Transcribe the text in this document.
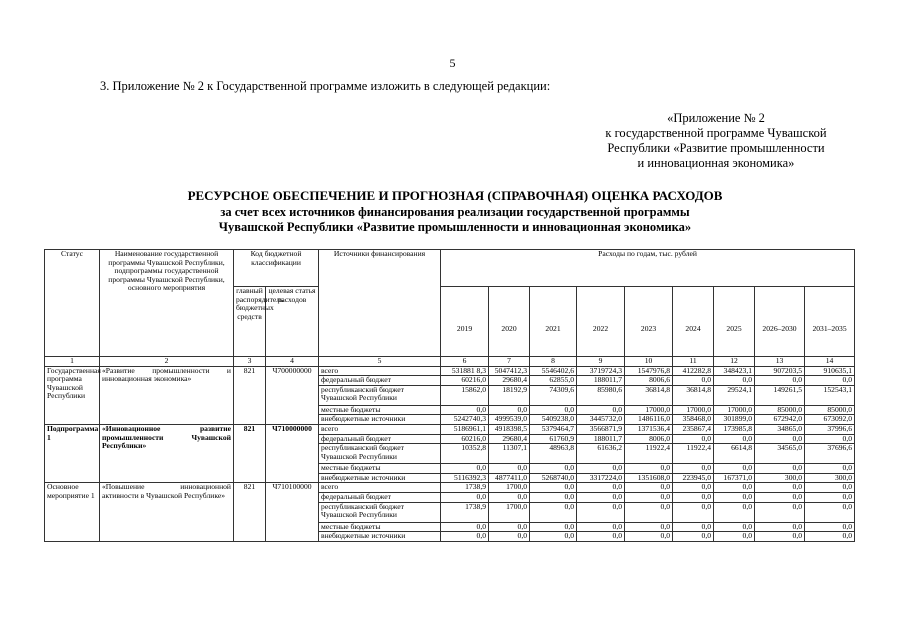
5
3. Приложение № 2 к Государственной программе изложить в следующей редакции:
«Приложение № 2
к государственной программе Чувашской
Республики «Развитие промышленности
и инновационная экономика»
РЕСУРСНОЕ ОБЕСПЕЧЕНИЕ И ПРОГНОЗНАЯ (СПРАВОЧНАЯ) ОЦЕНКА РАСХОДОВ
за счет всех источников финансирования реализации государственной программы
Чувашской Республики «Развитие промышленности и инновационная экономика»
Статус	Наименование государственной программы Чувашской Республики, подпрограммы государственной программы Чувашской Республики, основного мероприятия	Код бюджетной классификации		Источники финансирования	Расходы по годам, тыс. рублей								
		главный распорядитель бюджетных средств	целевая статья расходов		2019	2020	2021	2022	2023	2024	2025	2026–2030	2031–2035
1	2	3	4	5	6	7	8	9	10	11	12	13	14
Государственная программа Чувашской Республики	«Развитие промышленности и инновационная экономика»	821	Ч700000000	всего	531881 8,3	5047412,3	5546402,6	3719724,3	1547976,8	412282,8	348423,1	907203,5	910635,1
				федеральный бюджет	60216,0	29680,4	62855,0	188011,7	8006,6	0,0	0,0	0,0	0,0
				республиканский бюджет Чувашской Республики	15862,0	18192,9	74309,6	85980,6	36814,8	36814,8	29524,1	149261,5	152543,1
				местные бюджеты	0,0	0,0	0,0	0,0	17000,0	17000,0	17000,0	85000,0	85000,0
				внебюджетные источники	5242740,3	4999539,0	5409238,0	3445732,0	1486116,0	358468,0	301899,0	672942,0	673092,0
Подпрограмма 1	«Инновационное развитие промышленности Чувашской Республики»	821	Ч710000000	всего	5186961,1	4918398,5	5379464,7	3566871,9	1371536,4	235867,4	173985,8	34865,0	37996,6
				федеральный бюджет	60216,0	29680,4	61760,9	188011,7	8006,0	0,0	0,0	0,0	0,0
				республиканский бюджет Чувашской Республики	10352,8	11307,1	48963,8	61636,2	11922,4	11922,4	6614,8	34565,0	37696,6
				местные бюджеты	0,0	0,0	0,0	0,0	0,0	0,0	0,0	0,0	0,0
				внебюджетные источники	5116392,3	4877411,0	5268740,0	3317224,0	1351608,0	223945,0	167371,0	300,0	300,0
Основное мероприятие 1	«Повышение инновационной активности в Чувашской Республике»	821	Ч710100000	всего	1738,9	1700,0	0,0	0,0	0,0	0,0	0,0	0,0	0,0
				федеральный бюджет	0,0	0,0	0,0	0,0	0,0	0,0	0,0	0,0	0,0
				республиканский бюджет Чувашской Республики	1738,9	1700,0	0,0	0,0	0,0	0,0	0,0	0,0	0,0
				местные бюджеты	0,0	0,0	0,0	0,0	0,0	0,0	0,0	0,0	0,0
				внебюджетные источники	0,0	0,0	0,0	0,0	0,0	0,0	0,0	0,0	0,0
